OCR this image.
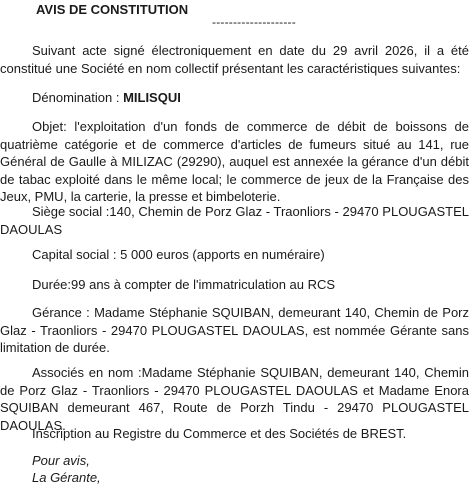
AVIS DE CONSTITUTION
--------------------

Suivant acte signé électroniquement en date du 29 avril 2026, il a été constitué une Société en nom collectif présentant les caractéristiques suivantes:

Dénomination : MILISQUI

Objet: l'exploitation d'un fonds de commerce de débit de boissons de quatrième catégorie et de commerce d'articles de fumeurs situé au 141, rue Général de Gaulle à MILIZAC (29290), auquel est annexée la gérance d'un débit de tabac exploité dans le même local; le commerce de jeux de la Française des Jeux, PMU, la carterie, la presse et bimbeloterie.

Siège social :140, Chemin de Porz Glaz - Traonliors - 29470 PLOUGASTEL DAOULAS

Capital social : 5 000 euros (apports en numéraire)

Durée:99 ans à compter de l'immatriculation au RCS

Gérance : Madame Stéphanie SQUIBAN, demeurant 140, Chemin de Porz Glaz - Traonliors - 29470 PLOUGASTEL DAOULAS, est nommée Gérante sans limitation de durée.

Associés en nom :Madame Stéphanie SQUIBAN, demeurant 140, Chemin de Porz Glaz - Traonliors - 29470 PLOUGASTEL DAOULAS et Madame Enora SQUIBAN demeurant 467, Route de Porzh Tindu - 29470 PLOUGASTEL DAOULAS.

Inscription au Registre du Commerce et des Sociétés de BREST.

Pour avis,

La Gérante,
